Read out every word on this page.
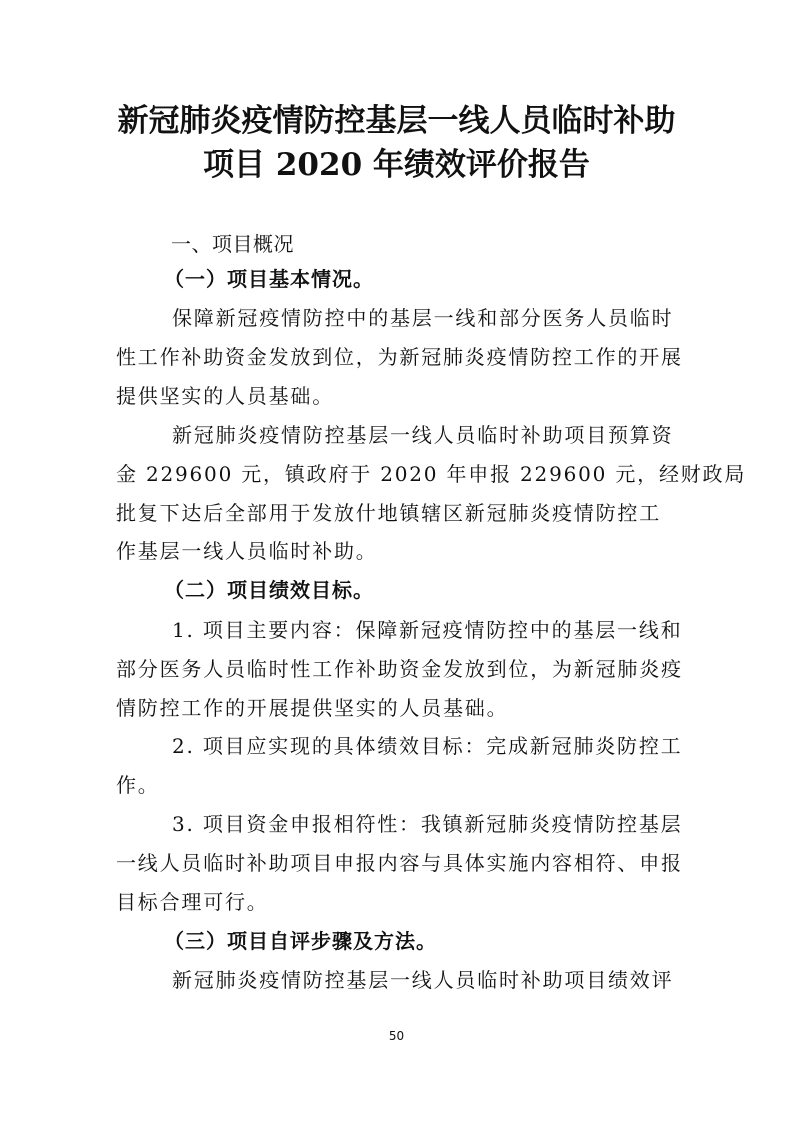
新冠肺炎疫情防控基层一线人员临时补助
项目 2020 年绩效评价报告
一、项目概况
（一）项目基本情况。
保障新冠疫情防控中的基层一线和部分医务人员临时
性工作补助资金发放到位，为新冠肺炎疫情防控工作的开展
提供坚实的人员基础。
新冠肺炎疫情防控基层一线人员临时补助项目预算资
金 229600 元，镇政府于 2020 年申报 229600 元，经财政局
批复下达后全部用于发放什地镇辖区新冠肺炎疫情防控工
作基层一线人员临时补助。
（二）项目绩效目标。
1. 项目主要内容：保障新冠疫情防控中的基层一线和
部分医务人员临时性工作补助资金发放到位，为新冠肺炎疫
情防控工作的开展提供坚实的人员基础。
2. 项目应实现的具体绩效目标：完成新冠肺炎防控工
作。
3. 项目资金申报相符性：我镇新冠肺炎疫情防控基层
一线人员临时补助项目申报内容与具体实施内容相符、申报
目标合理可行。
（三）项目自评步骤及方法。
新冠肺炎疫情防控基层一线人员临时补助项目绩效评
50
